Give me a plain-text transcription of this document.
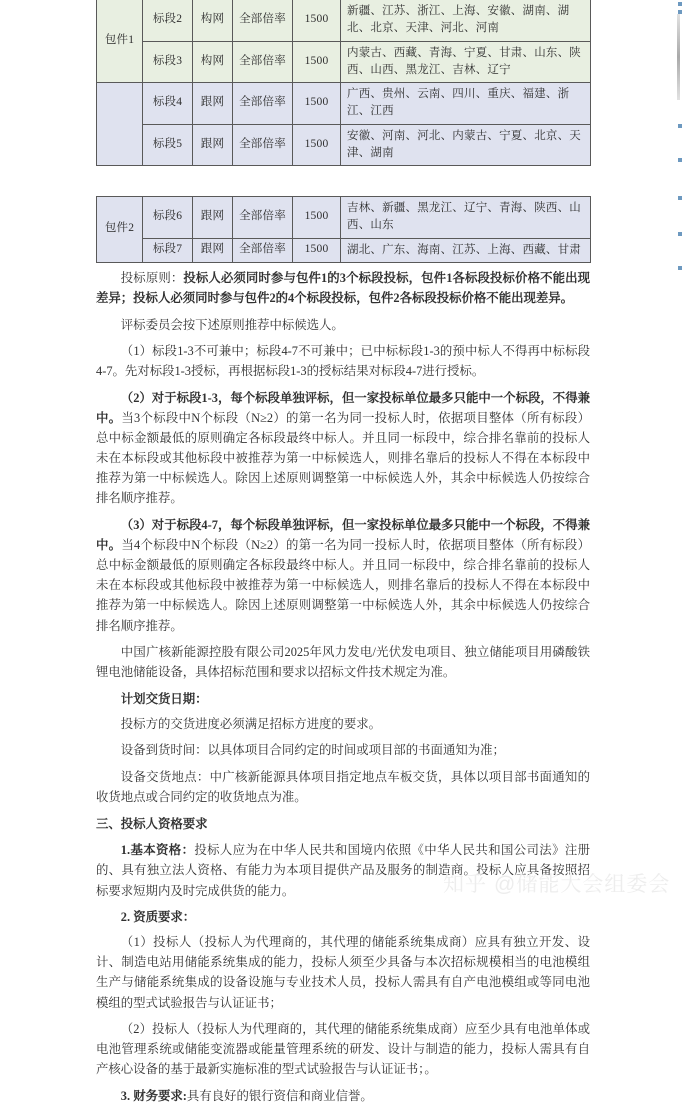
包件1	标段2	构网	全部倍率	1500	新疆、江苏、浙江、上海、安徽、湖南、湖北、北京、天津、河北、河南
	标段3	构网	全部倍率	1500	内蒙古、西藏、青海、宁夏、甘肃、山东、陕西、山西、黑龙江、吉林、辽宁
	标段4	跟网	全部倍率	1500	广西、贵州、云南、四川、重庆、福建、浙江、江西
	标段5	跟网	全部倍率	1500	安徽、河南、河北、内蒙古、宁夏、北京、天津、湖南
包件2	标段6	跟网	全部倍率	1500	吉林、新疆、黑龙江、辽宁、青海、陕西、山西、山东
	标段7	跟网	全部倍率	1500	湖北、广东、海南、江苏、上海、西藏、甘肃

投标原则：投标人必须同时参与包件1的3个标段投标，包件1各标段投标价格不能出现差异；投标人必须同时参与包件2的4个标段投标，包件2各标段投标价格不能出现差异。

评标委员会按下述原则推荐中标候选人。

（1）标段1-3不可兼中；标段4-7不可兼中；已中标标段1-3的预中标人不得再中标标段4-7。先对标段1-3授标，再根据标段1-3的授标结果对标段4-7进行授标。

（2）对于标段1-3，每个标段单独评标，但一家投标单位最多只能中一个标段，不得兼中。当3个标段中N个标段（N≥2）的第一名为同一投标人时，依据项目整体（所有标段）总中标金额最低的原则确定各标段最终中标人。并且同一标段中，综合排名靠前的投标人未在本标段或其他标段中被推荐为第一中标候选人，则排名靠后的投标人不得在本标段中推荐为第一中标候选人。除因上述原则调整第一中标候选人外，其余中标候选人仍按综合排名顺序推荐。

（3）对于标段4-7，每个标段单独评标，但一家投标单位最多只能中一个标段，不得兼中。当4个标段中N个标段（N≥2）的第一名为同一投标人时，依据项目整体（所有标段）总中标金额最低的原则确定各标段最终中标人。并且同一标段中，综合排名靠前的投标人未在本标段或其他标段中被推荐为第一中标候选人，则排名靠后的投标人不得在本标段中推荐为第一中标候选人。除因上述原则调整第一中标候选人外，其余中标候选人仍按综合排名顺序推荐。

中国广核新能源控股有限公司2025年风力发电/光伏发电项目、独立储能项目用磷酸铁锂电池储能设备，具体招标范围和要求以招标文件技术规定为准。

计划交货日期：

投标方的交货进度必须满足招标方进度的要求。

设备到货时间：以具体项目合同约定的时间或项目部的书面通知为准；

设备交货地点：中广核新能源具体项目指定地点车板交货，具体以项目部书面通知的收货地点或合同约定的收货地点为准。

三、投标人资格要求

1.基本资格：投标人应为在中华人民共和国境内依照《中华人民共和国公司法》注册的、具有独立法人资格、有能力为本项目提供产品及服务的制造商。投标人应具备按照招标要求短期内及时完成供货的能力。

2. 资质要求：

（1）投标人（投标人为代理商的，其代理的储能系统集成商）应具有独立开发、设计、制造电站用储能系统集成的能力，投标人须至少具备与本次招标规模相当的电池模组生产与储能系统集成的设备设施与专业技术人员，投标人需具有自产电池模组或等同电池模组的型式试验报告与认证证书；

（2）投标人（投标人为代理商的，其代理的储能系统集成商）应至少具有电池单体或电池管理系统或储能变流器或能量管理系统的研发、设计与制造的能力，投标人需具有自产核心设备的基于最新实施标准的型式试验报告与认证证书；。

3. 财务要求:具有良好的银行资信和商业信誉。

知乎 @储能大会组委会
